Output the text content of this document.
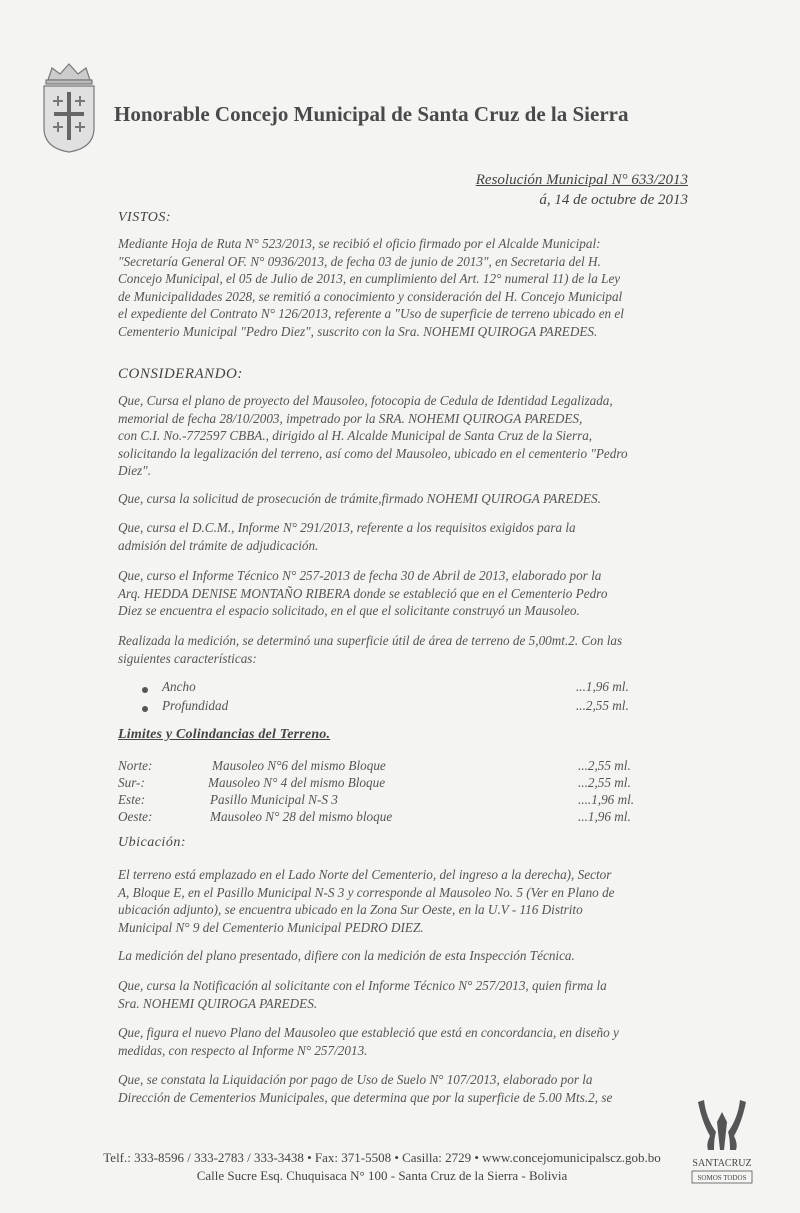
Honorable Concejo Municipal de Santa Cruz de la Sierra
Resolución Municipal N° 633/2013
á, 14 de octubre de 2013
VISTOS:
Mediante Hoja de Ruta N° 523/2013, se recibió el oficio firmado por el Alcalde Municipal:
"Secretaría General OF. N° 0936/2013, de fecha 03 de junio de 2013", en Secretaria del H.
Concejo Municipal, el 05 de Julio de 2013, en cumplimiento del Art. 12° numeral 11) de la Ley
de Municipalidades 2028, se remitió a conocimiento y consideración del H. Concejo Municipal
el expediente del Contrato N° 126/2013, referente a "Uso de superficie de terreno ubicado en el
Cementerio Municipal "Pedro Diez", suscrito con la Sra. NOHEMI QUIROGA PAREDES.
CONSIDERANDO:
Que, Cursa el plano de proyecto del Mausoleo, fotocopia de Cedula de Identidad Legalizada,
memorial de fecha 28/10/2003, impetrado por la SRA. NOHEMI QUIROGA PAREDES,
con C.I. No.-772597 CBBA., dirigido al H. Alcalde Municipal de Santa Cruz de la Sierra,
solicitando la legalización del terreno, así como del Mausoleo, ubicado en el cementerio "Pedro
Diez".
Que, cursa la solicitud de prosecución de trámite,firmado NOHEMI QUIROGA PAREDES.
Que, cursa el D.C.M., Informe N° 291/2013, referente a los requisitos exigidos para la
admisión del trámite de adjudicación.
Que, curso el Informe Técnico N° 257-2013 de fecha 30 de Abril de 2013, elaborado por la
Arq. HEDDA DENISE MONTAÑO RIBERA donde se estableció que en el Cementerio Pedro
Diez se encuentra el espacio solicitado, en el que el solicitante construyó un Mausoleo.
Realizada la medición, se determinó una superficie útil de área de terreno de 5,00mt.2. Con las
siguientes características:
Ancho	...1,96 ml.
Profundidad	...2,55 ml.
Limites y Colindancias del Terreno.
Norte:	Mausoleo N°6 del mismo Bloque	...2,55 ml.
Sur-:	Mausoleo N° 4 del mismo Bloque	...2,55 ml.
Este:	Pasillo Municipal N-S 3	....1,96 ml.
Oeste:	Mausoleo N° 28 del mismo bloque	...1,96 ml.
Ubicación:
El terreno está emplazado en el Lado Norte del Cementerio, del ingreso a la derecha), Sector
A, Bloque E, en el Pasillo Municipal N-S 3 y corresponde al Mausoleo No. 5 (Ver en Plano de
ubicación adjunto), se encuentra ubicado en la Zona Sur Oeste, en la U.V - 116 Distrito
Municipal N° 9 del Cementerio Municipal PEDRO DIEZ.
La medición del plano presentado, difiere con la medición de esta Inspección Técnica.
Que, cursa la Notificación al solicitante con el Informe Técnico N° 257/2013, quien firma la
Sra. NOHEMI QUIROGA PAREDES.
Que, figura el nuevo Plano del Mausoleo que estableció que está en concordancia, en diseño y
medidas, con respecto al Informe N° 257/2013.
Que, se constata la Liquidación por pago de Uso de Suelo N° 107/2013, elaborado por la
Dirección de Cementerios Municipales, que determina que por la superficie de 5.00 Mts.2, se
Telf.: 333-8596 / 333-2783 / 333-3438 • Fax: 371-5508 • Casilla: 2729 • www.concejomunicipalscz.gob.bo
Calle Sucre Esq. Chuquisaca N° 100 - Santa Cruz de la Sierra - Bolivia
SANTACRUZ
SOMOS TODOS
